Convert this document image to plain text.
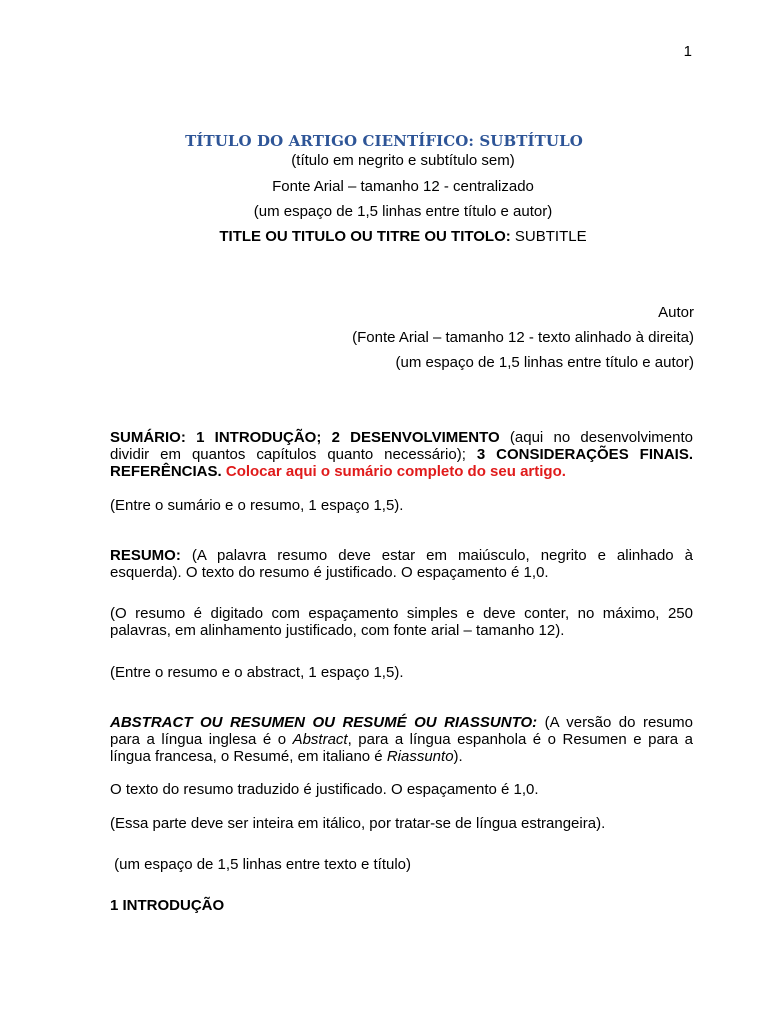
1
TÍTULO DO ARTIGO CIENTÍFICO: SUBTÍTULO
(título em negrito e subtítulo sem)
Fonte Arial – tamanho 12 - centralizado
(um espaço de 1,5 linhas entre título e autor)
TITLE OU TITULO OU TITRE OU TITOLO: SUBTITLE
Autor
(Fonte Arial – tamanho 12 - texto alinhado à direita)
(um espaço de 1,5 linhas entre título e autor)
SUMÁRIO: 1 INTRODUÇÃO; 2 DESENVOLVIMENTO (aqui no desenvolvimento dividir em quantos capítulos quanto necessário); 3 CONSIDERAÇÕES FINAIS. REFERÊNCIAS. Colocar aqui o sumário completo do seu artigo.
(Entre o sumário e o resumo, 1 espaço 1,5).
RESUMO: (A palavra resumo deve estar em maiúsculo, negrito e alinhado à esquerda). O texto do resumo é justificado. O espaçamento é 1,0.
(O resumo é digitado com espaçamento simples e deve conter, no máximo, 250 palavras, em alinhamento justificado, com fonte arial – tamanho 12).
(Entre o resumo e o abstract, 1 espaço 1,5).
ABSTRACT OU RESUMEN OU RESUMÉ OU RIASSUNTO: (A versão do resumo para a língua inglesa é o Abstract, para a língua espanhola é o Resumen e para a língua francesa, o Resumé, em italiano é Riassunto).
O texto do resumo traduzido é justificado. O espaçamento é 1,0.
(Essa parte deve ser inteira em itálico, por tratar-se de língua estrangeira).
(um espaço de 1,5 linhas entre texto e título)
1 INTRODUÇÃO
